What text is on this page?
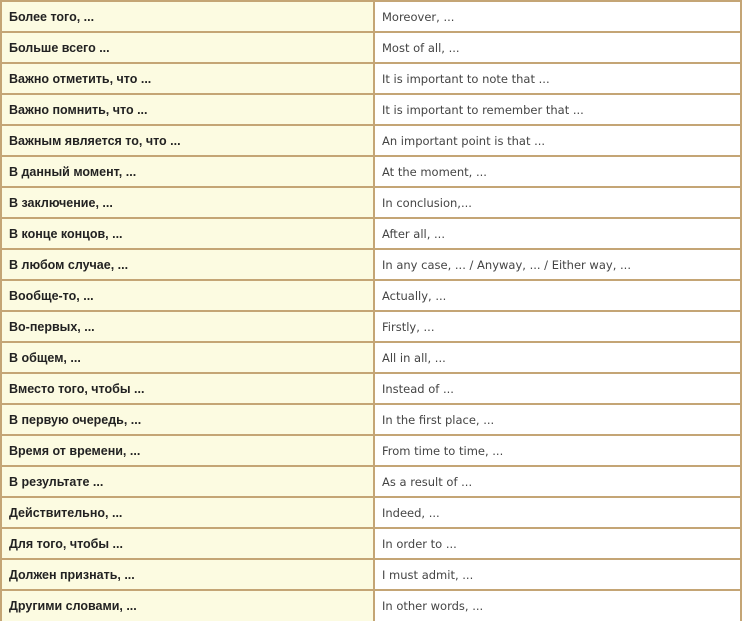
Более того, ...	Moreover, ...
Больше всего ...	Most of all, ...
Важно отметить, что ...	It is important to note that ...
Важно помнить, что ...	It is important to remember that ...
Важным является то, что ...	An important point is that ...
В данный момент, ...	At the moment, ...
В заключение, ...	In conclusion,...
В конце концов, ...	After all, ...
В любом случае, ...	In any case, ... / Anyway, ... / Either way, ...
Вообще-то, ...	Actually, ...
Во-первых, ...	Firstly, ...
В общем, ...	All in all, ...
Вместо того, чтобы ...	Instead of ...
В первую очередь, ...	In the first place, ...
Время от времени, ...	From time to time, ...
В результате ...	As a result of ...
Действительно, ...	Indeed, ...
Для того, чтобы ...	In order to ...
Должен признать, ...	I must admit, ...
Другими словами, ...	In other words, ...
